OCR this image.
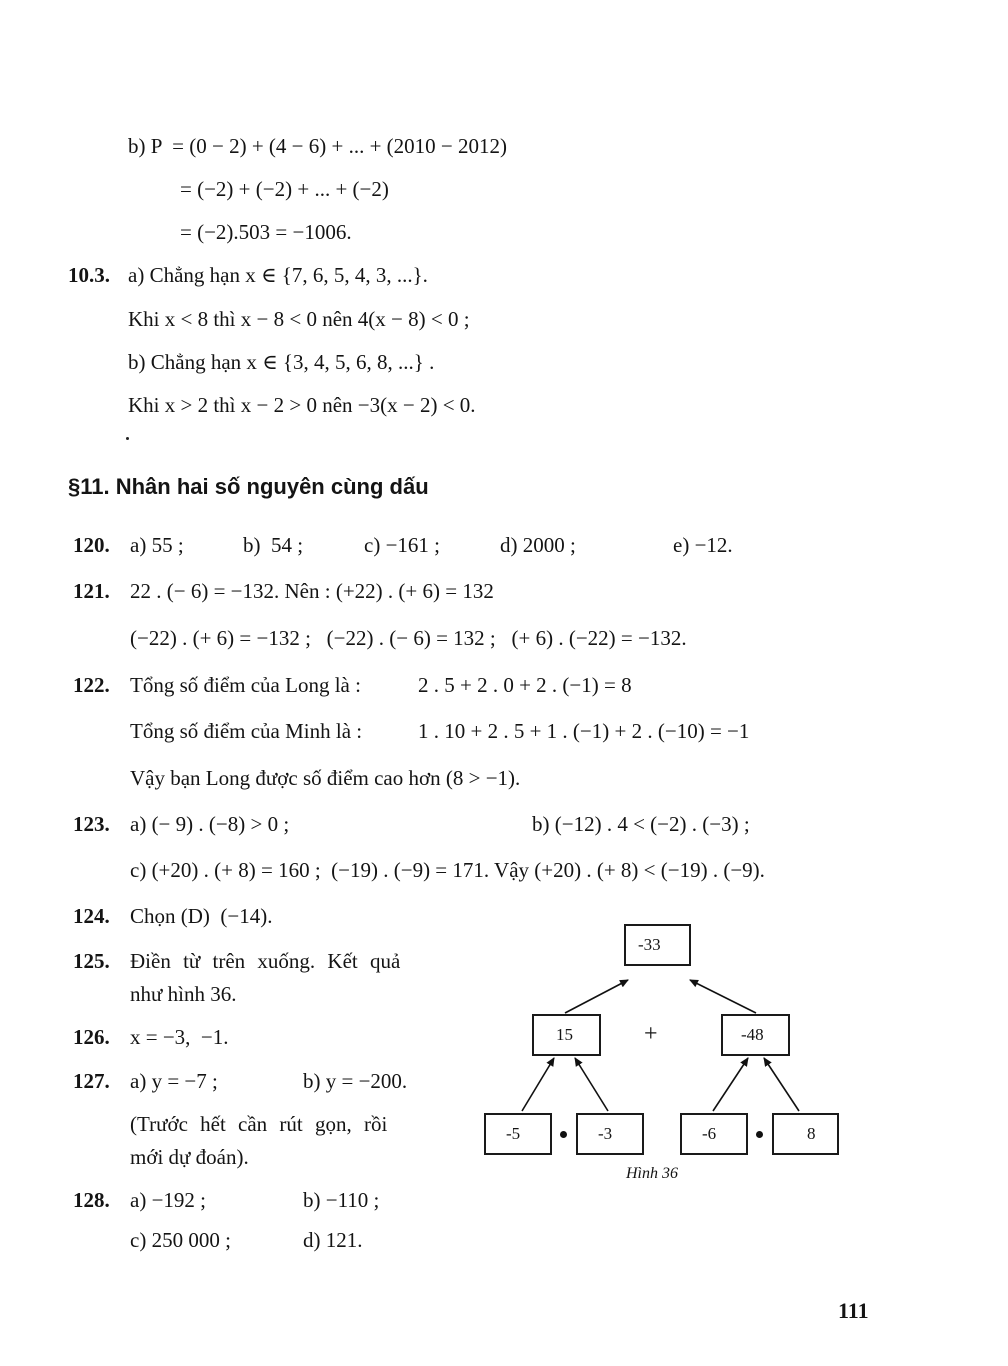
b) P  = (0 − 2) + (4 − 6) + ... + (2010 − 2012)
= (−2) + (−2) + ... + (−2)
= (−2).503 = −1006.
10.3. a) Chẳng hạn x ∈ {7, 6, 5, 4, 3, ...}.
Khi x < 8 thì x − 8 < 0 nên 4(x − 8) < 0 ;
b) Chẳng hạn x ∈ {3, 4, 5, 6, 8, ...} .
Khi x > 2 thì x − 2 > 0 nên −3(x − 2) < 0.
§11. Nhân hai số nguyên cùng dấu
120. a) 55 ;	b)  54 ;	c) −161 ;	d) 2000 ;	e) −12.
121. 22 . (− 6) = −132. Nên : (+22) . (+ 6) = 132
(−22) . (+ 6) = −132 ;   (−22) . (− 6) = 132 ;   (+ 6) . (−22) = −132.
122. Tổng số điểm của Long là :	2 . 5 + 2 . 0 + 2 . (−1) = 8
Tổng số điểm của Minh là :	1 . 10 + 2 . 5 + 1 . (−1) + 2 . (−10) = −1
Vậy bạn Long được số điểm cao hơn (8 > −1).
123. a) (− 9) . (−8) > 0 ;	b) (−12) . 4 < (−2) . (−3) ;
c) (+20) . (+ 8) = 160 ;  (−19) . (−9) = 171. Vậy (+20) . (+ 8) < (−19) . (−9).
124. Chọn (D)  (−14).
125. Điền từ trên xuống. Kết quả
như hình 36.
126. x = −3,  −1.
127. a) y = −7 ;	b) y = −200.
(Trước hết cần rút gọn, rồi
mới dự đoán).
128. a) −192 ;	b) −110 ;
c) 250 000 ;	d) 121.
-33
15	+	-48
-5	-3	-6	8
Hình 36
111
